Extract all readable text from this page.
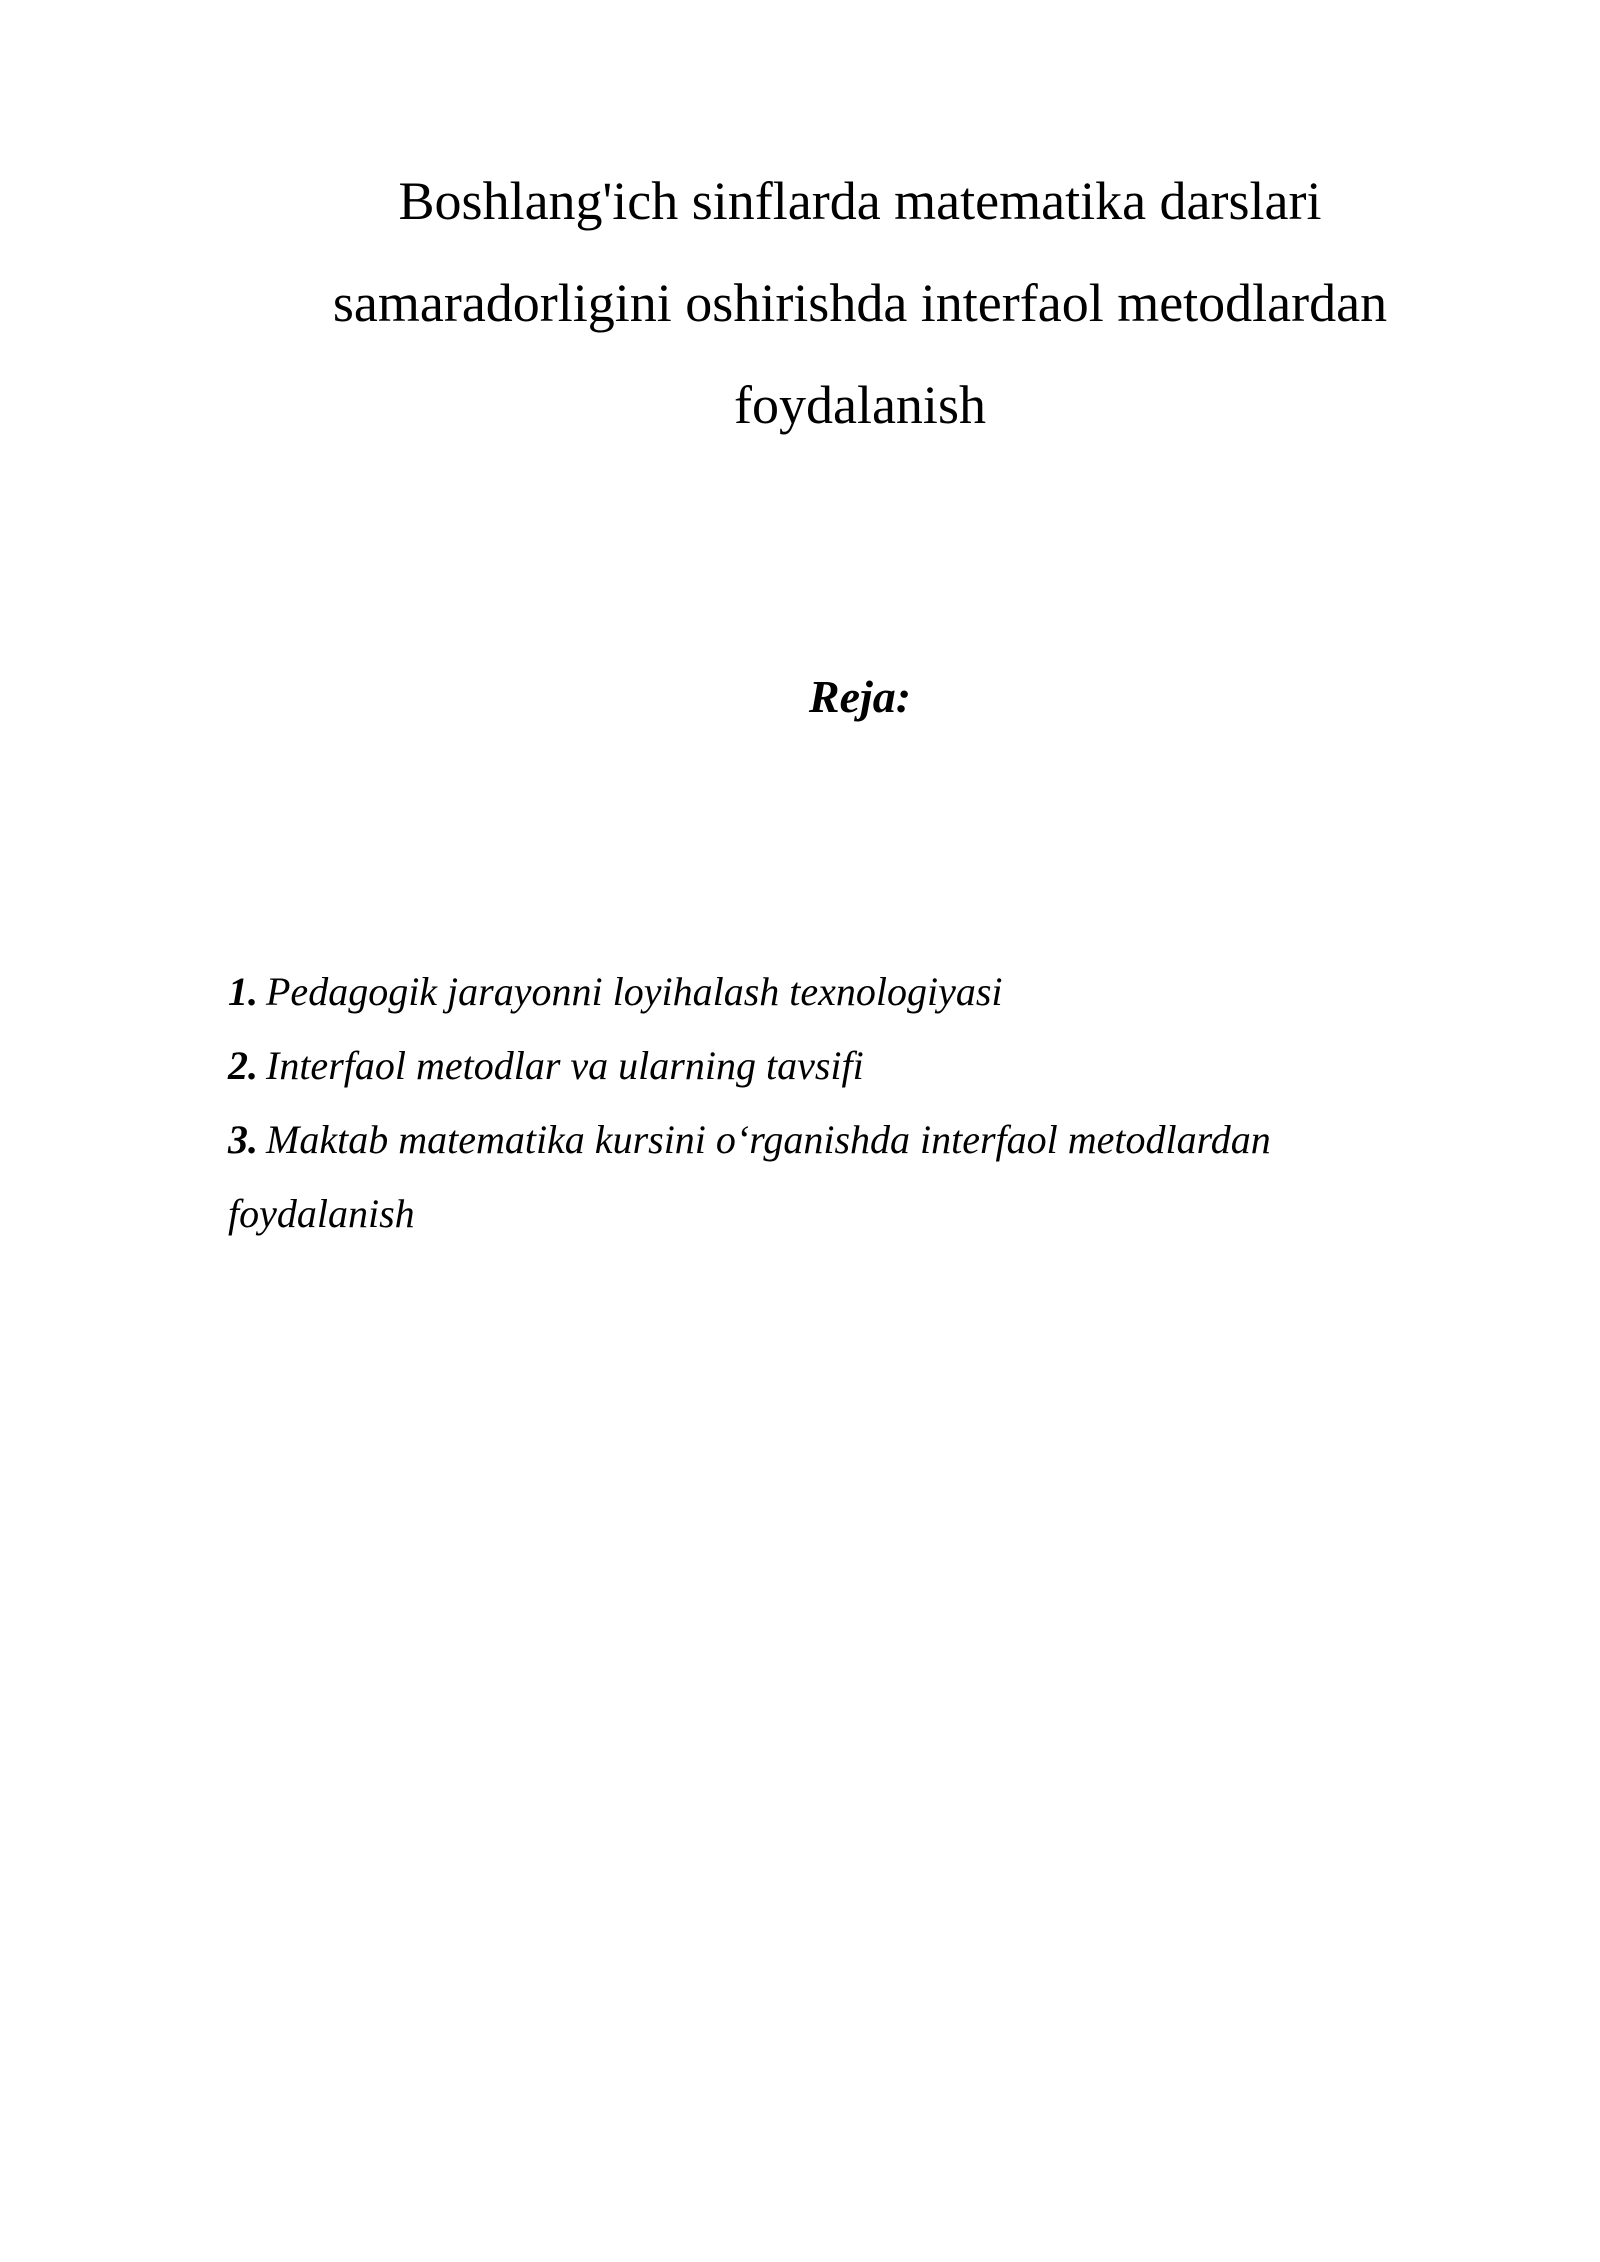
Boshlang'ich sinflarda matematika darslari
samaradorligini oshirishda interfaol metodlardan
foydalanish
Reja:
1. Pedagogik jarayonni loyihalash texnologiyasi
2. Interfaol metodlar va ularning tavsifi
3. Maktab matematika kursini o‘rganishda interfaol metodlardan foydalanish
